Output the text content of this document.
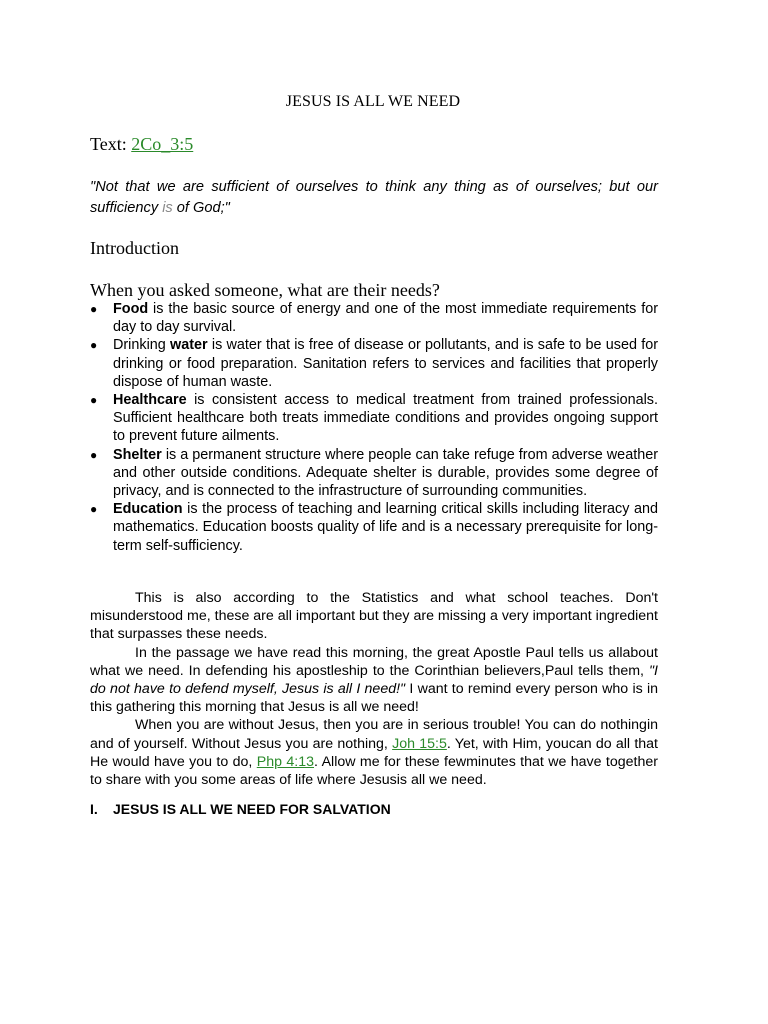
JESUS IS ALL WE NEED
Text: 2Co_3:5
"Not that we are sufficient of ourselves to think any thing as of ourselves; but our sufficiency is of God;"
Introduction
When you asked someone, what are their needs?
● Food is the basic source of energy and one of the most immediate requirements for day to day survival.
● Drinking water is water that is free of disease or pollutants, and is safe to be used for drinking or food preparation. Sanitation refers to services and facilities that properly dispose of human waste.
● Healthcare is consistent access to medical treatment from trained professionals. Sufficient healthcare both treats immediate conditions and provides ongoing support to prevent future ailments.
● Shelter is a permanent structure where people can take refuge from adverse weather and other outside conditions. Adequate shelter is durable, provides some degree of privacy, and is connected to the infrastructure of surrounding communities.
● Education is the process of teaching and learning critical skills including literacy and mathematics. Education boosts quality of life and is a necessary prerequisite for long-term self-sufficiency.

This is also according to the Statistics and what school teaches. Don't misunderstood me, these are all important but they are missing a very important ingredient that surpasses these needs.

In the passage we have read this morning, the great Apostle Paul tells us allabout what we need. In defending his apostleship to the Corinthian believers,Paul tells them, "I do not have to defend myself, Jesus is all I need!" I want to remind every person who is in this gathering this morning that Jesus is all we need!

When you are without Jesus, then you are in serious trouble! You can do nothingin and of yourself. Without Jesus you are nothing, Joh 15:5. Yet, with Him, youcan do all that He would have you to do, Php 4:13. Allow me for these fewminutes that we have together to share with you some areas of life where Jesusis all we need.

I. JESUS IS ALL WE NEED FOR SALVATION
